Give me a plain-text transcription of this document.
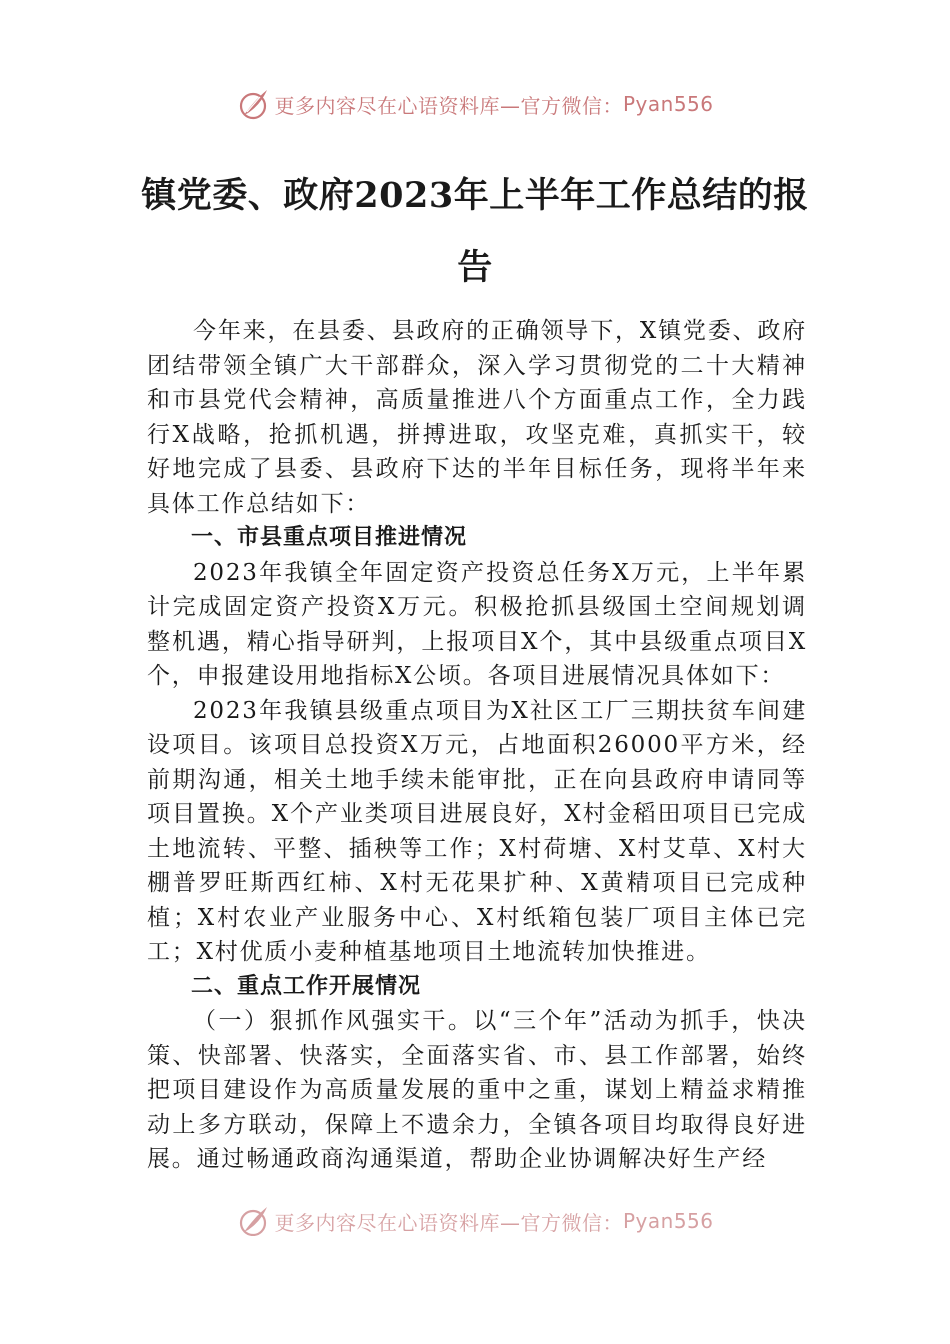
更多内容尽在心语资料库—官方微信： Pyan556
镇党委、政府2023年上半年工作总结的报告

今年来，在县委、县政府的正确领导下，X镇党委、政府团结带领全镇广大干部群众，深入学习贯彻党的二十大精神和市县党代会精神，高质量推进八个方面重点工作，全力践行X战略，抢抓机遇，拼搏进取，攻坚克难，真抓实干，较好地完成了县委、县政府下达的半年目标任务，现将半年来具体工作总结如下：

一、市县重点项目推进情况

2023年我镇全年固定资产投资总任务X万元，上半年累计完成固定资产投资X万元。积极抢抓县级国土空间规划调整机遇，精心指导研判，上报项目X个，其中县级重点项目X个，申报建设用地指标X公顷。各项目进展情况具体如下：

2023年我镇县级重点项目为X社区工厂三期扶贫车间建设项目。该项目总投资X万元，占地面积26000平方米，经前期沟通，相关土地手续未能审批，正在向县政府申请同等项目置换。X个产业类项目进展良好，X村金稻田项目已完成土地流转、平整、插秧等工作；X村荷塘、X村艾草、X村大棚普罗旺斯西红柿、X村无花果扩种、X黄精项目已完成种植；X村农业产业服务中心、X村纸箱包装厂项目主体已完工；X村优质小麦种植基地项目土地流转加快推进。

二、重点工作开展情况

（一）狠抓作风强实干。以“三个年”活动为抓手，快决策、快部署、快落实，全面落实省、市、县工作部署，始终把项目建设作为高质量发展的重中之重，谋划上精益求精推动上多方联动，保障上不遗余力，全镇各项目均取得良好进展。通过畅通政商沟通渠道，帮助企业协调解决好生产经

更多内容尽在心语资料库—官方微信： Pyan556
